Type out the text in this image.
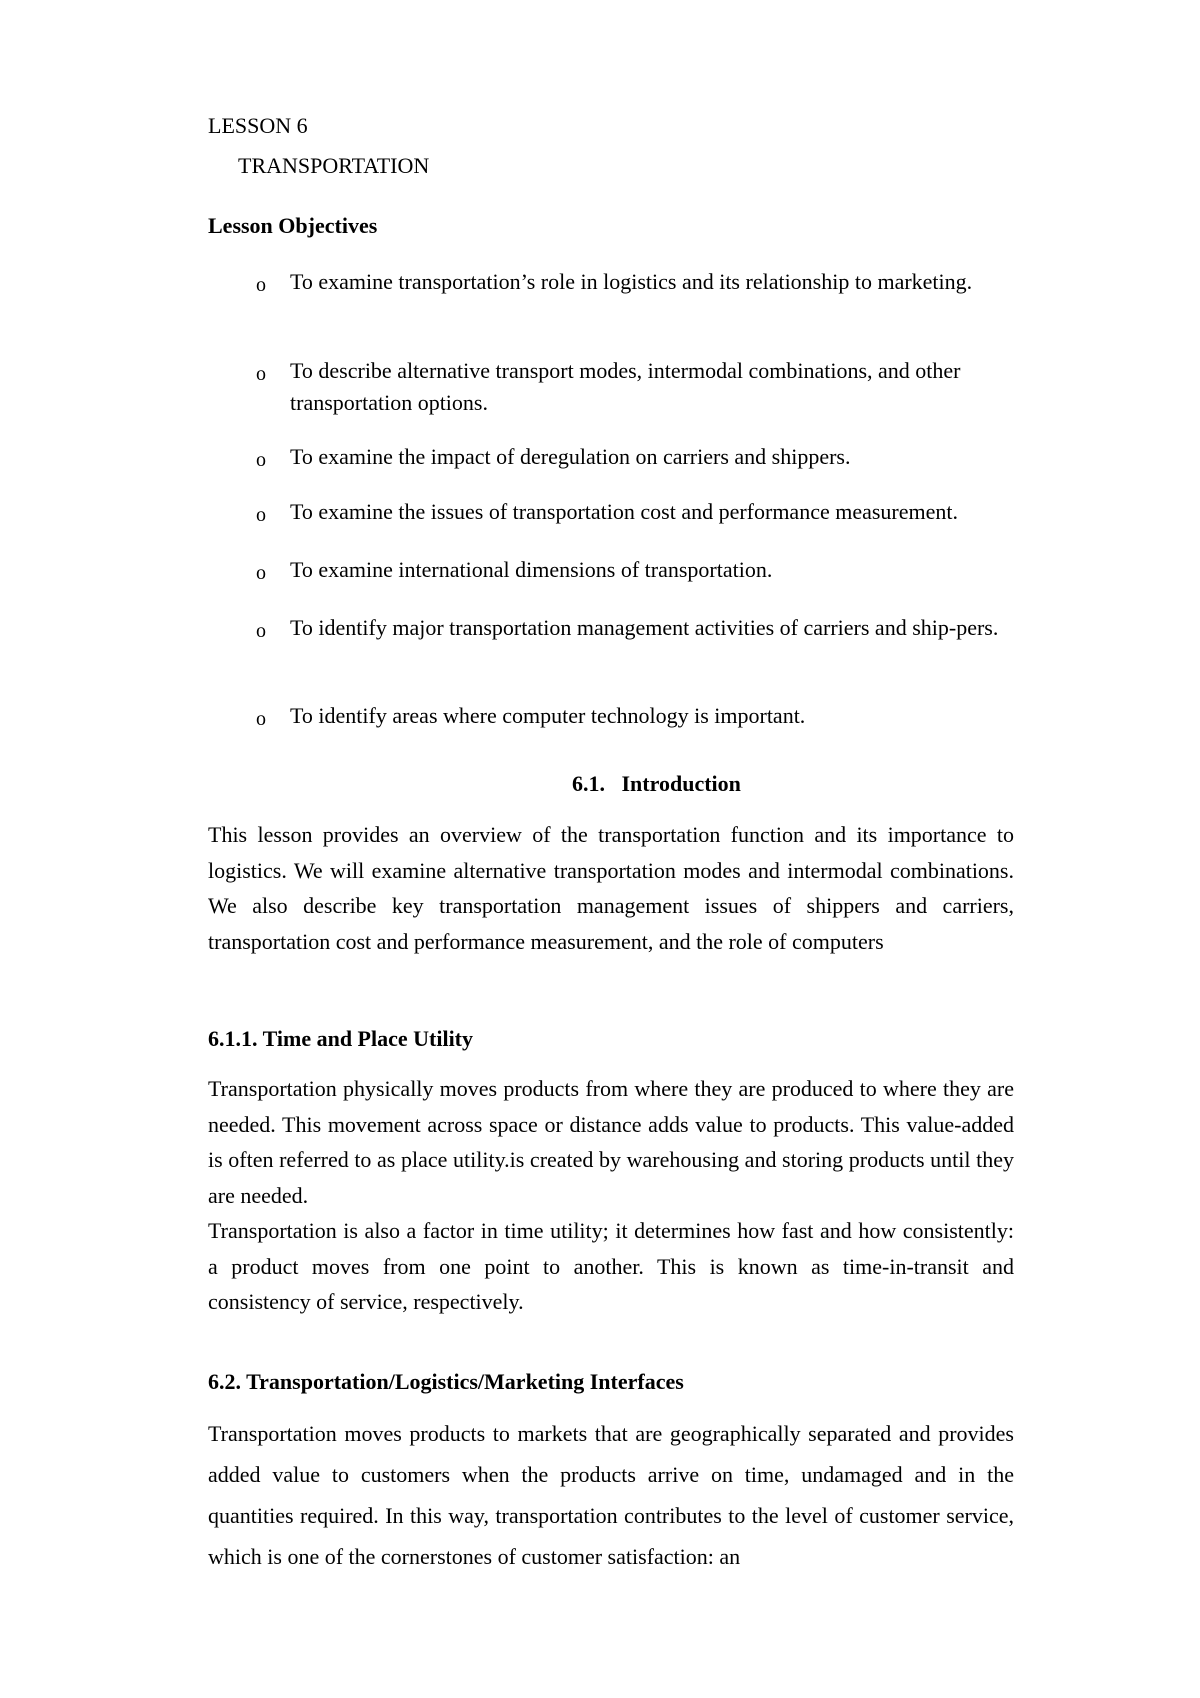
LESSON 6
TRANSPORTATION
Lesson Objectives
o To examine transportation’s role in logistics and its relationship to marketing.
o To describe alternative transport modes, intermodal combinations, and other transportation options.
o To examine the impact of deregulation on carriers and shippers.
o To examine the issues of transportation cost and performance measurement.
o To examine international dimensions of transportation.
o To identify major transportation management activities of carriers and ship-pers.
o To identify areas where computer technology is important.
6.1.   Introduction
This lesson provides an overview of the transportation function and its importance to logistics. We will examine alternative transportation modes and intermodal combinations. We also describe key transportation management issues of shippers and carriers, transportation cost and performance measurement, and the role of computers
6.1.1. Time and Place Utility
Transportation physically moves products from where they are produced to where they are needed. This movement across space or distance adds value to products. This value-added is often referred to as place utility.is created by warehousing and storing products until they are needed.
Transportation is also a factor in time utility; it determines how fast and how consistently: a product moves from one point to another. This is known as time-in-transit and consistency of service, respectively.
6.2. Transportation/Logistics/Marketing Interfaces
Transportation moves products to markets that are geographically separated and provides added value to customers when the products arrive on time, undamaged and in the quantities required. In this way, transportation contributes to the level of customer service, which is one of the cornerstones of customer satisfaction: an
